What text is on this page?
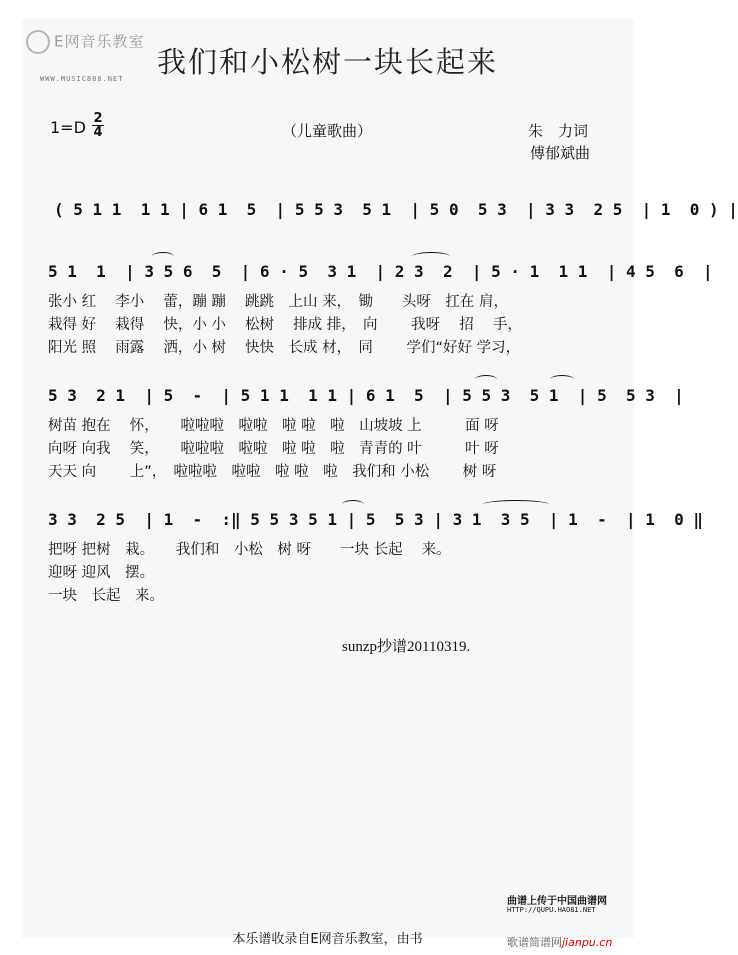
E网音乐教室
WWW.MUSIC888.NET	我们和小松树一块长起来
1=D 2
4	（儿童歌曲）	朱　力词
傅郁斌曲
( 5 1 1  1 1 | 6 1  5  | 5 5 3  5 1  | 5 0  5 3  | 3 3  2 5  | 1  0 ) |
5 1  1  | 3 5 6  5  | 6 · 5  3 1  | 2 3  2  | 5 · 1  1 1  | 4 5  6  |
张小 红　 李小　 蕾，蹦 蹦　 跳跳　上山 来，　锄　　头呀　扛在 肩，
栽得 好　 栽得　 快，小 小　 松树　 排成 排，　向　　 我呀　 招　 手，
阳光 照　 雨露　 洒，小 树　 快快　长成 材，　同　　 学们“好好 学习，
5 3  2 1  | 5  -  | 5 1 1  1 1 | 6 1  5  | 5 5 3  5 1  | 5  5 3  |
树苗 抱在　 怀，　　啦啦啦　啦啦　啦 啦　啦　山坡坡 上　　　面 呀
向呀 向我　 笑，　　啦啦啦　啦啦　啦 啦　啦　青青的 叶　　　叶 呀
天天 向　　 上”，　啦啦啦　啦啦　啦 啦　啦　我们和 小松　　 树 呀
3 3  2 5  | 1  -  :‖ 5 5 3 5 1 | 5  5 3 | 3 1  3 5  | 1  -  | 1  0 ‖
把呀 把树　栽。　　我们和　小松　树 呀　　一块 长起　 来。
迎呀 迎风　摆。
一块　长起　来。
sunzp抄谱20110319.
曲谱上传于中国曲谱网
HTTP://QUPU.HAO81.NET
本乐谱收录自E网音乐教室，由书	歌谱简谱网jianpu.cn
